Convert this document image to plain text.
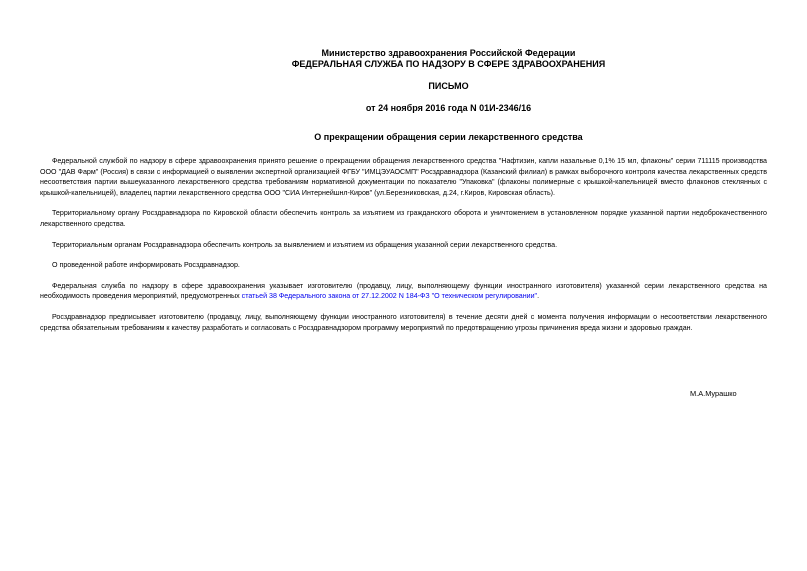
Министерство здравоохранения Российской Федерации
ФЕДЕРАЛЬНАЯ СЛУЖБА ПО НАДЗОРУ В СФЕРЕ ЗДРАВООХРАНЕНИЯ
ПИСЬМО
от 24 ноября 2016 года N 01И-2346/16
О прекращении обращения серии лекарственного средства

Федеральной службой по надзору в сфере здравоохранения принято решение о прекращении обращения лекарственного средства "Нафтизин, капли назальные 0,1% 15 мл, флаконы" серии 711115 производства ООО "ДАВ Фарм" (Россия) в связи с информацией о выявлении экспертной организацией ФГБУ "ИМЦЭУАОСМП" Росздравнадзора (Казанский филиал) в рамках выборочного контроля качества лекарственных средств несоответствия партии вышеуказанного лекарственного средства требованиям нормативной документации по показателю "Упаковка" (флаконы полимерные с крышкой-капельницей вместо флаконов стеклянных с крышкой-капельницей), владелец партии лекарственного средства ООО "СИА Интернейшнл-Киров" (ул.Березниковская, д.24, г.Киров, Кировская область).

Территориальному органу Росздравнадзора по Кировской области обеспечить контроль за изъятием из гражданского оборота и уничтожением в установленном порядке указанной партии недоброкачественного лекарственного средства.

Территориальным органам Росздравнадзора обеспечить контроль за выявлением и изъятием из обращения указанной серии лекарственного средства.

О проведенной работе информировать Росздравнадзор.

Федеральная служба по надзору в сфере здравоохранения указывает изготовителю (продавцу, лицу, выполняющему функции иностранного изготовителя) указанной серии лекарственного средства на необходимость проведения мероприятий, предусмотренных статьей 38 Федерального закона от 27.12.2002 N 184-ФЗ "О техническом регулировании".

Росздравнадзор предписывает изготовителю (продавцу, лицу, выполняющему функции иностранного изготовителя) в течение десяти дней с момента получения информации о несоответствии лекарственного средства обязательным требованиям к качеству разработать и согласовать с Росздравнадзором программу мероприятий по предотвращению угрозы причинения вреда жизни и здоровью граждан.

М.А.Мурашко
